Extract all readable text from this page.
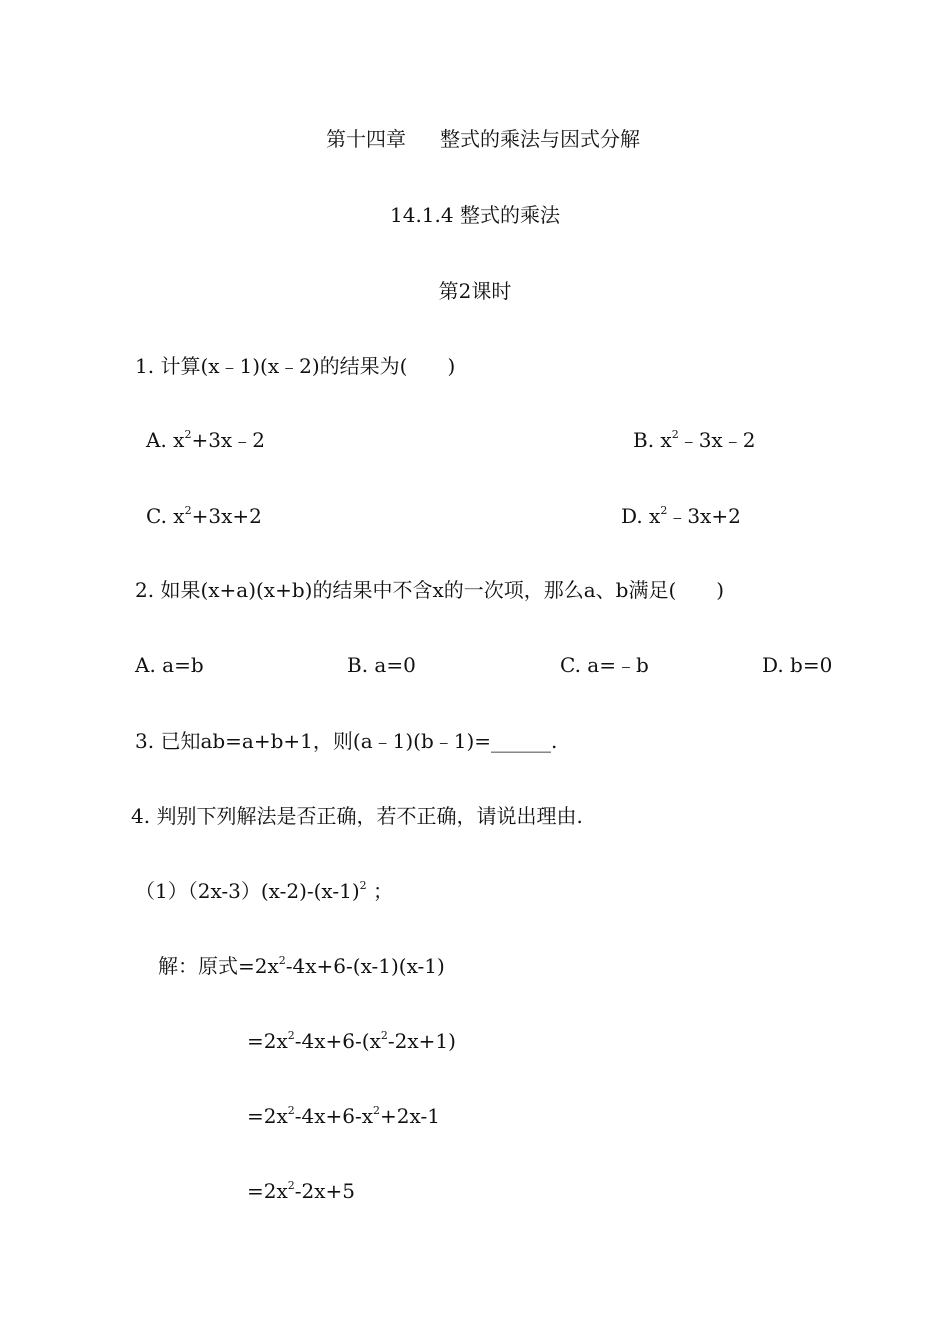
第十四章 整式的乘法与因式分解
14.1.4 整式的乘法
第2课时
1. 计算(x﹣1)(x﹣2)的结果为(　　)
A. $x^2+3x﹣2$	B. $x^2﹣3x﹣2$
C. $x^2+3x+2$	D. $x^2﹣3x+2$
2. 如果(x+a)(x+b)的结果中不含x的一次项，那么a、b满足(　　)
A. a=b	B. a=0	C. a=﹣b	D. b=0
3. 已知ab=a+b+1，则(a﹣1)(b﹣1)=______.
4. 判别下列解法是否正确，若不正确，请说出理由.
$(1)(2x-3)(x-2)-(x-1)^2$ ；
解：原式$=2x^2-4x+6-(x-1)(x-1)$
$=2x^2-4x+6-(x^2-2x+1)$
$=2x^2-4x+6-x^2+2x-1$
$=2x^2-2x+5$
